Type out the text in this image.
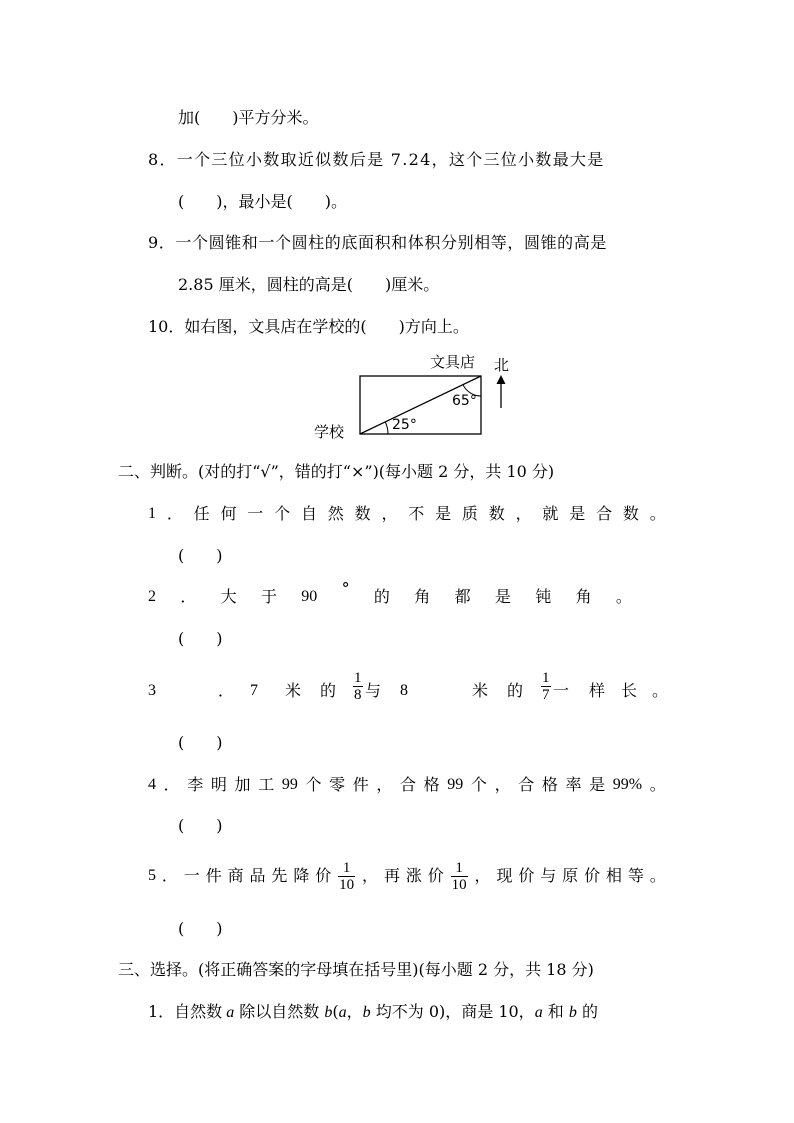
加(　　)平方分米。
8．一个三位小数取近似数后是 7.24，这个三位小数最大是
(　　)，最小是(　　)。
9．一个圆锥和一个圆柱的底面积和体积分别相等，圆锥的高是
2.85 厘米，圆柱的高是(　　)厘米。
10．如右图，文具店在学校的(　　)方向上。
文具店 北
65°
25°
学校
二、判断。(对的打“√”，错的打“×”)(每小题 2 分，共 10 分)
1 ． 任 何 一 个 自 然 数 ， 不 是 质 数 ， 就 是 合 数 。
(　　)
2 ． 大 于 90 ° 的 角 都 是 钝 角 。
(　　)
3	． 7 米 的 $\frac{1}{8}$ 与 8	米 的 $\frac{1}{7}$ 一 样 长 。
(　　)
4 ． 李 明 加 工 99 个 零 件 ， 合 格 99 个 ， 合 格 率 是 99% 。
(　　)
5 ． 一 件 商 品 先 降 价 $\frac{1}{10}$ ， 再 涨 价 $\frac{1}{10}$ ， 现 价 与 原 价 相 等 。
(　　)
三、选择。(将正确答案的字母填在括号里)(每小题 2 分，共 18 分)
1．自然数 a 除以自然数 b(a，b 均不为 0)，商是 10，a 和 b 的
